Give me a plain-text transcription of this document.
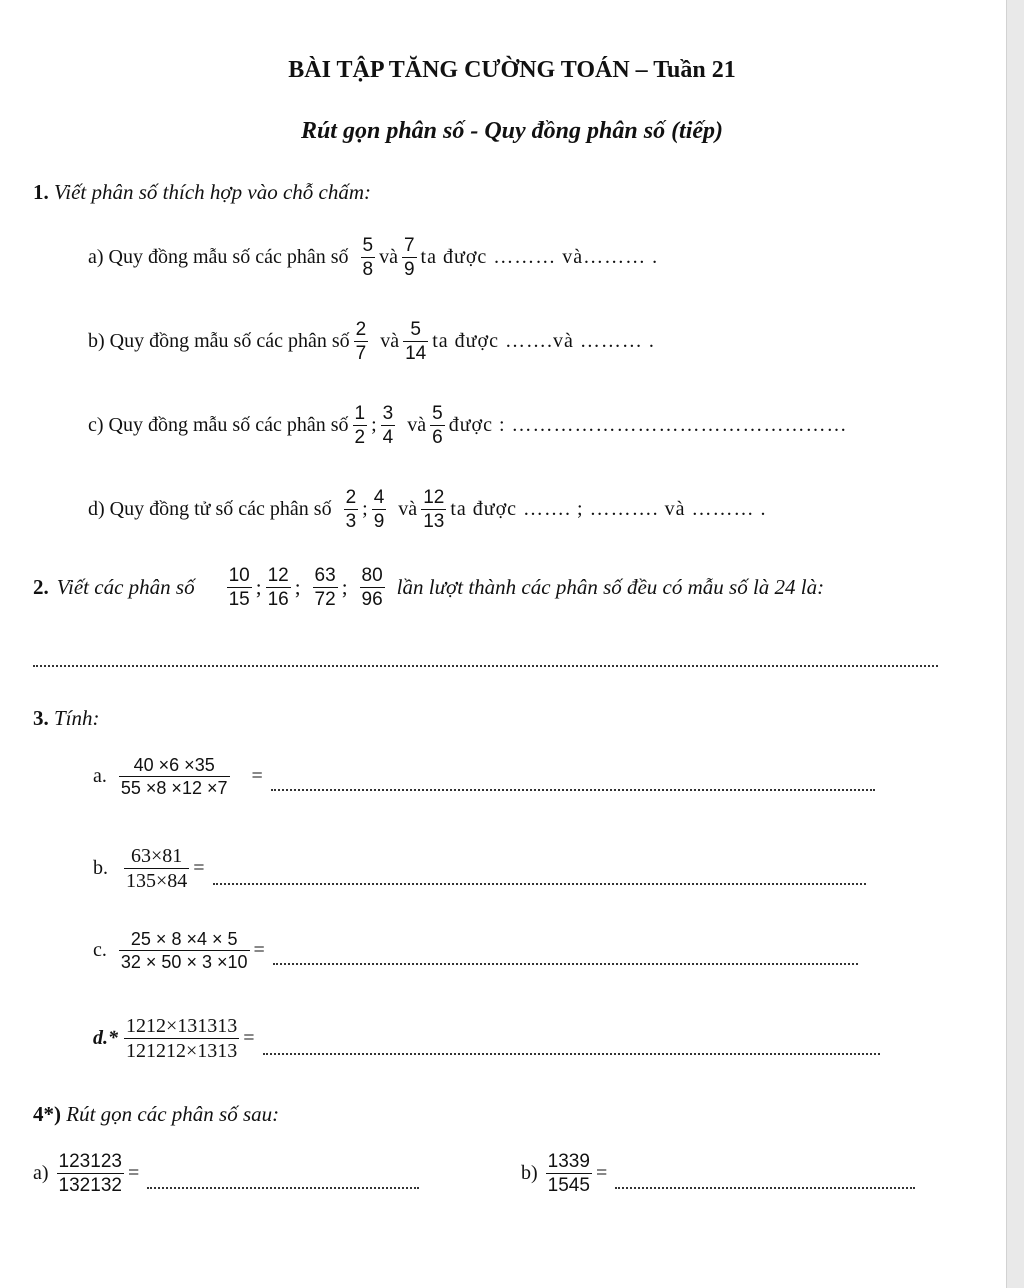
BÀI TẬP TĂNG CƯỜNG TOÁN – Tuần 21
Rút gọn phân số - Quy đồng phân số (tiếp)
1. Viết phân số thích hợp vào chỗ chấm:
a) Quy đồng mẫu số các phân số $\frac{5}{8}$ và $\frac{7}{9}$ ta được ……… và……… .
b) Quy đồng mẫu số các phân số $\frac{2}{7}$ và $\frac{5}{14}$ ta được …….và ……… .
c) Quy đồng mẫu số các phân số $\frac{1}{2}$ ; $\frac{3}{4}$ và $\frac{5}{6}$ được : …………………………………………
d) Quy đồng tử số các phân số $\frac{2}{3}$ ; $\frac{4}{9}$ và $\frac{12}{13}$ ta được ……. ; ………. và ……… .
2. Viết các phân số $\frac{10}{15}$ ; $\frac{12}{16}$ ; $\frac{63}{72}$ ; $\frac{80}{96}$ lần lượt thành các phân số đều có mẫu số là 24 là:
3. Tính:
a. $\frac{40 \times 6 \times 35}{55 \times 8 \times 12 \times 7}$ =
b. $\frac{63\times 81}{135\times 84}$ =
c. $\frac{25 \times 8 \times 4 \times 5}{32 \times 50 \times 3 \times 10}$ =
$d.* \frac{1212\times 131313}{121212\times 1313}$ =
4*) Rút gọn các phân số sau:
$a) \frac{123123}{132132}$ =	$b) \frac{1339}{1545}$ =
